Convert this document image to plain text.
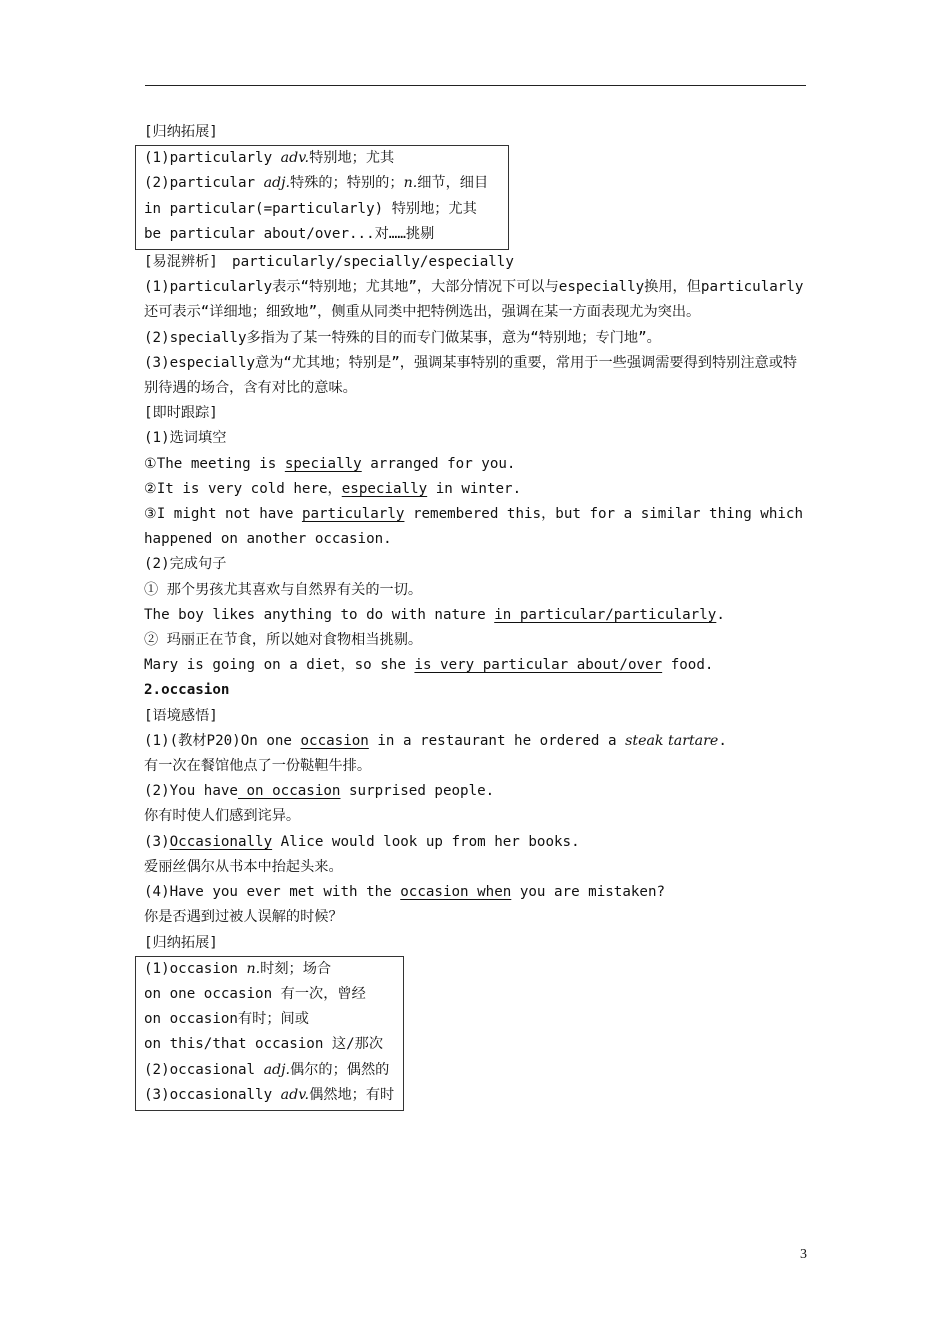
[归纳拓展]
(1)particularly adv.特别地；尤其
(2)particular adj.特殊的；特别的；n.细节，细目
in particular(=particularly) 特别地；尤其
be particular about/over...对……挑剔
[易混辨析]　particularly/specially/especially
(1)particularly表示“特别地；尤其地”，大部分情况下可以与especially换用，但particularly还可表示“详细地；细致地”，侧重从同类中把特例选出，强调在某一方面表现尤为突出。
(2)specially多指为了某一特殊的目的而专门做某事，意为“特别地；专门地”。
(3)especially意为“尤其地；特别是”，强调某事特别的重要，常用于一些强调需要得到特别注意或特别待遇的场合，含有对比的意味。
[即时跟踪]
(1)选词填空
①The meeting is specially arranged for you.
②It is very cold here，especially in winter.
③I might not have particularly remembered this，but for a similar thing which happened on another occasion.
(2)完成句子
① 那个男孩尤其喜欢与自然界有关的一切。
The boy likes anything to do with nature in particular/particularly.
② 玛丽正在节食，所以她对食物相当挑剔。
Mary is going on a diet，so she is very particular about/over food.
2.occasion
[语境感悟]
(1)(教材P20)On one occasion in a restaurant he ordered a steak tartare.
有一次在餐馆他点了一份鞑靼牛排。
(2)You have on occasion surprised people.
你有时使人们感到诧异。
(3)Occasionally Alice would look up from her books.
爱丽丝偶尔从书本中抬起头来。
(4)Have you ever met with the occasion when you are mistaken?
你是否遇到过被人误解的时候？
[归纳拓展]
(1)occasion n.时刻；场合
on one occasion 有一次，曾经
on occasion有时；间或
on this/that occasion 这/那次
(2)occasional adj.偶尔的；偶然的
(3)occasionally adv.偶然地；有时
3
